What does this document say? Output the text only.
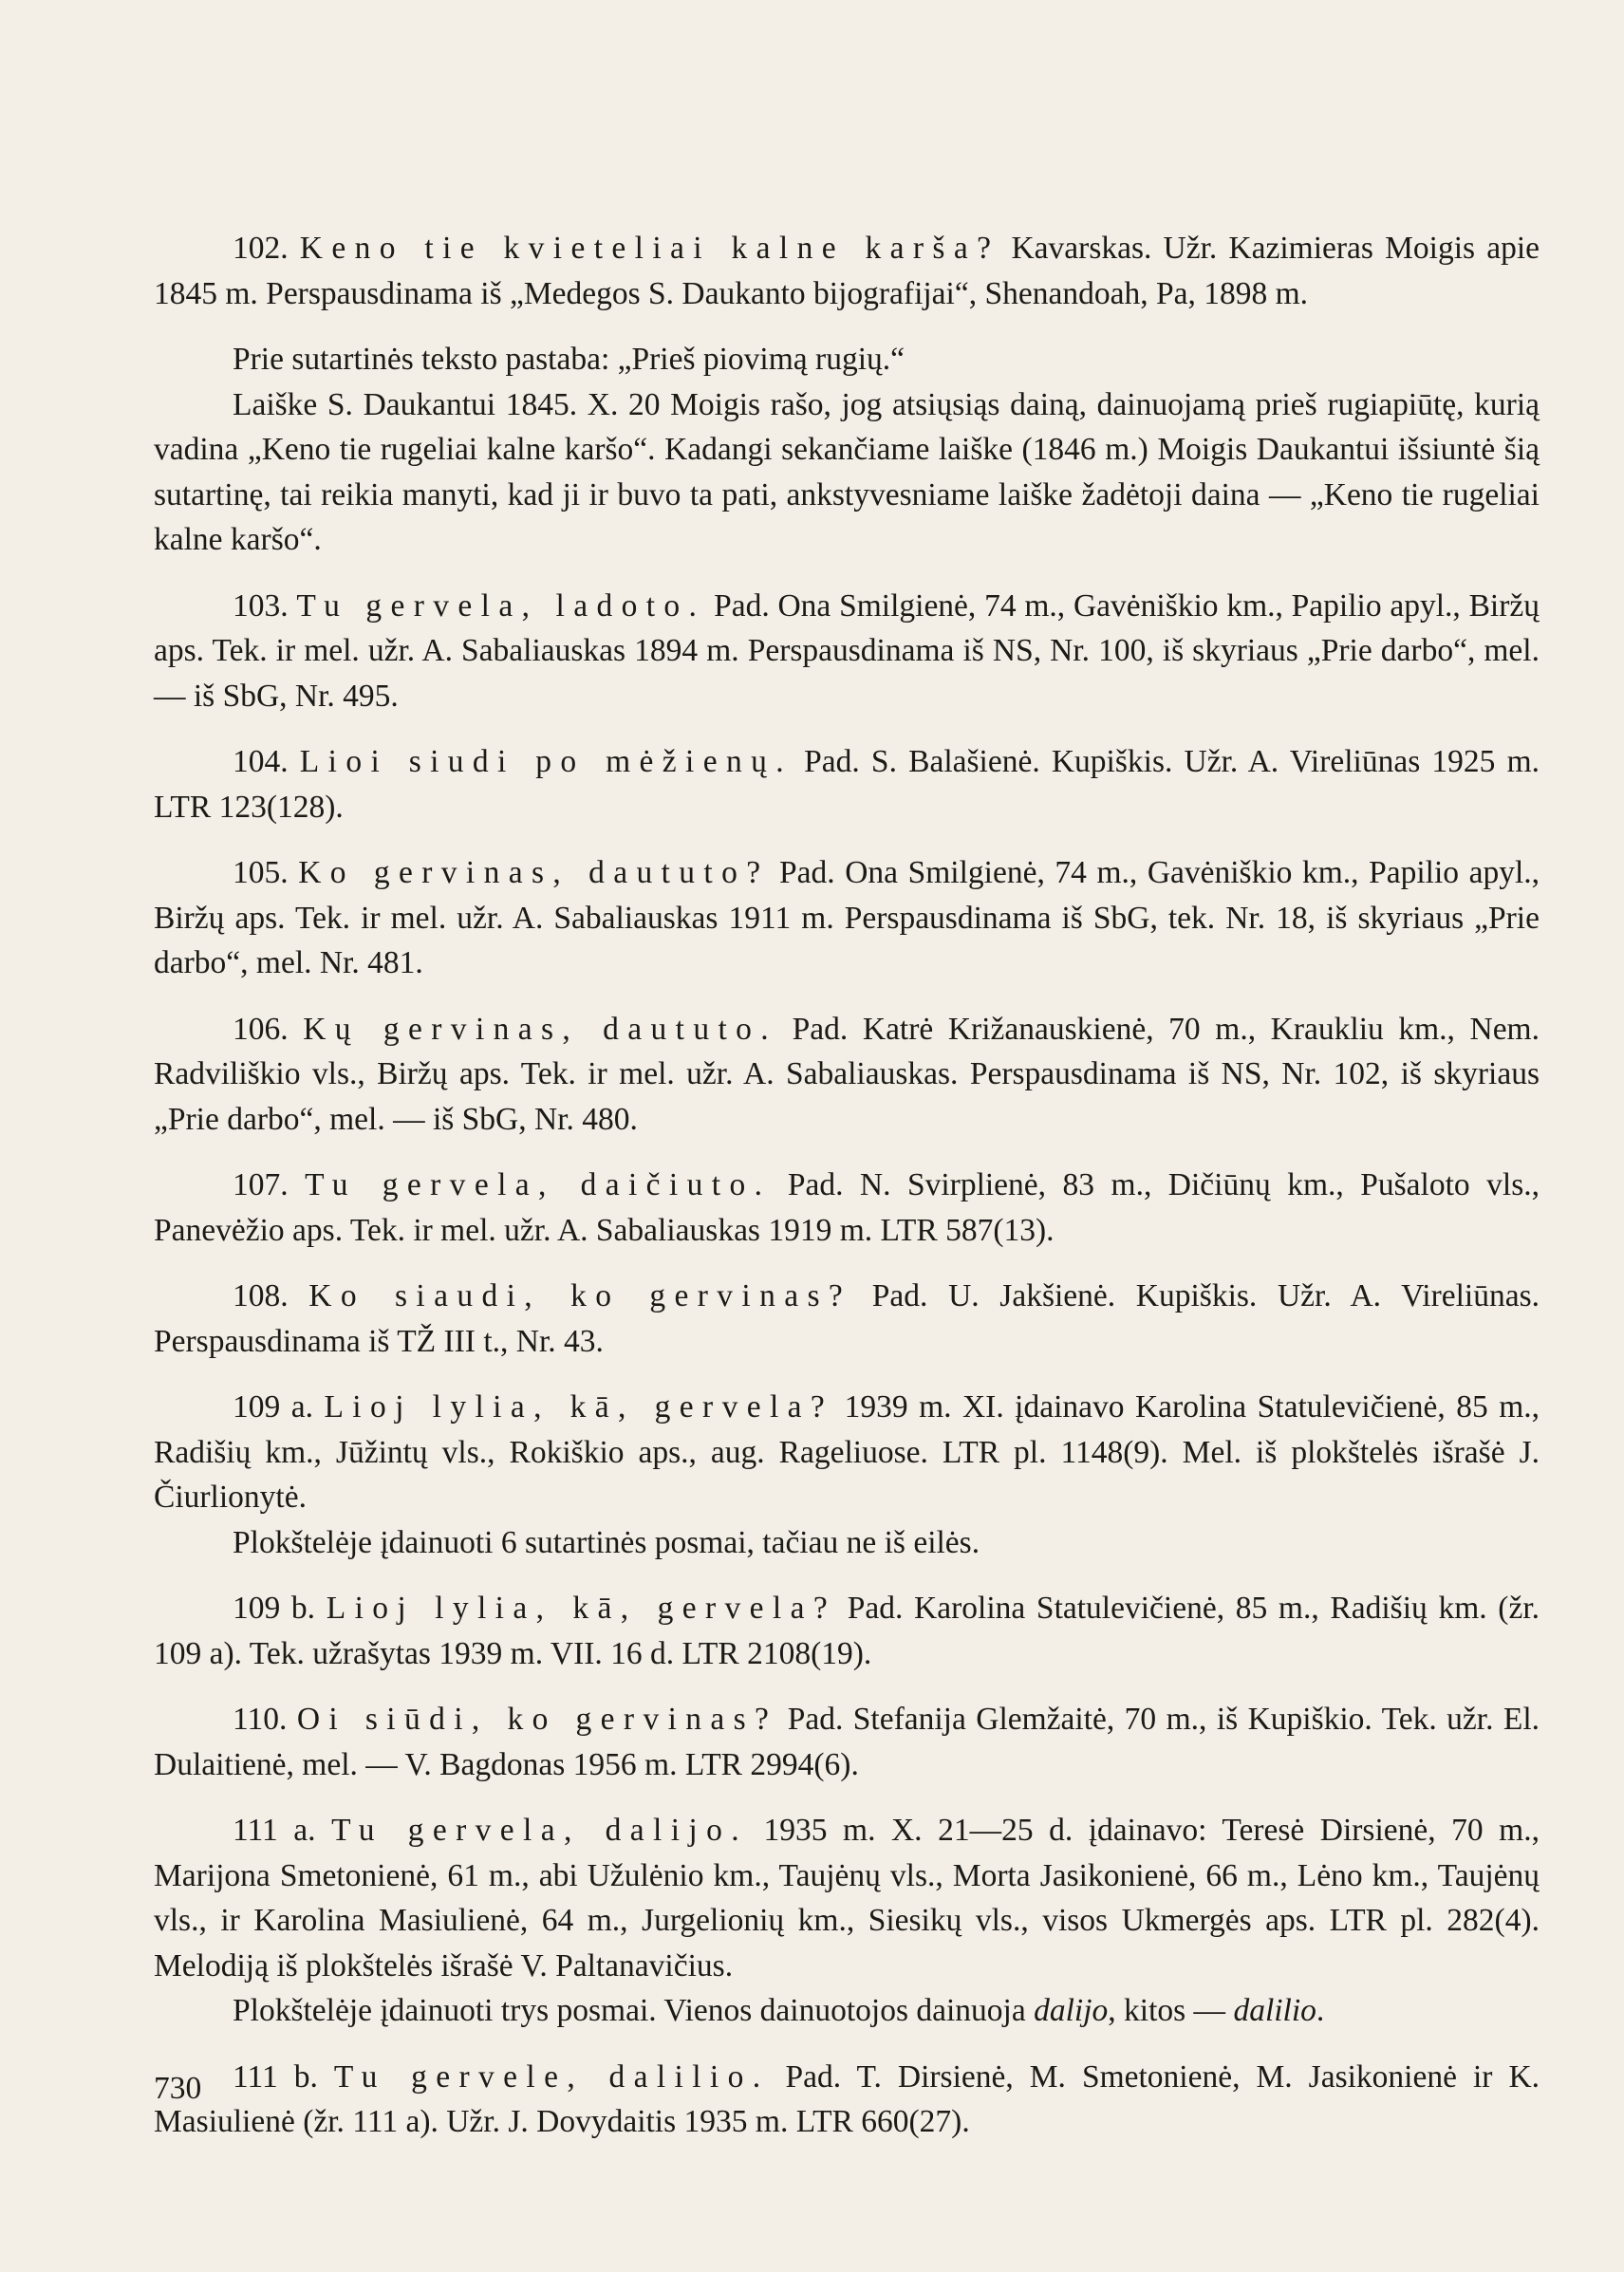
102. Keno tie kvieteliai kalne karša? Kavarskas. Užr. Kazimieras Moigis apie 1845 m. Perspausdinama iš „Medegos S. Daukanto bijografijai“, Shenandoah, Pa, 1898 m.

Prie sutartinės teksto pastaba: „Prieš piovimą rugių.“

Laiške S. Daukantui 1845. X. 20 Moigis rašo, jog atsiųsiąs dainą, dainuojamą prieš rugiapiūtę, kurią vadina „Keno tie rugeliai kalne karšo“. Kadangi sekančiame laiške (1846 m.) Moigis Daukantui išsiuntė šią sutartinę, tai reikia manyti, kad ji ir buvo ta pati, ankstyvesniame laiške žadėtoji daina — „Keno tie rugeliai kalne karšo“.

103. Tu gervela, ladoto. Pad. Ona Smilgienė, 74 m., Gavėniškio km., Papilio apyl., Biržų aps. Tek. ir mel. užr. A. Sabaliauskas 1894 m. Perspausdinama iš NS, Nr. 100, iš skyriaus „Prie darbo“, mel. — iš SbG, Nr. 495.

104. Lioi siudi po mėžienų. Pad. S. Balašienė. Kupiškis. Užr. A. Vireliūnas 1925 m. LTR 123(128).

105. Ko gervinas, daututo? Pad. Ona Smilgienė, 74 m., Gavėniškio km., Papilio apyl., Biržų aps. Tek. ir mel. užr. A. Sabaliauskas 1911 m. Perspausdinama iš SbG, tek. Nr. 18, iš skyriaus „Prie darbo“, mel. Nr. 481.

106. Kų gervinas, daututo. Pad. Katrė Križanauskienė, 70 m., Kraukliu km., Nem. Radviliškio vls., Biržų aps. Tek. ir mel. užr. A. Sabaliauskas. Perspausdinama iš NS, Nr. 102, iš skyriaus „Prie darbo“, mel. — iš SbG, Nr. 480.

107. Tu gervela, daičiuto. Pad. N. Svirplienė, 83 m., Dičiūnų km., Pušaloto vls., Panevėžio aps. Tek. ir mel. užr. A. Sabaliauskas 1919 m. LTR 587(13).

108. Ko siaudi, ko gervinas? Pad. U. Jakšienė. Kupiškis. Užr. A. Vireliūnas. Perspausdinama iš TŽ III t., Nr. 43.

109 a. Lioj lylia, kā, gervela? 1939 m. XI. įdainavo Karolina Statulevičienė, 85 m., Radišių km., Jūžintų vls., Rokiškio aps., aug. Rageliuose. LTR pl. 1148(9). Mel. iš plokštelės išrašė J. Čiurlionytė.

Plokštelėje įdainuoti 6 sutartinės posmai, tačiau ne iš eilės.

109 b. Lioj lylia, kā, gervela? Pad. Karolina Statulevičienė, 85 m., Radišių km. (žr. 109 a). Tek. užrašytas 1939 m. VII. 16 d. LTR 2108(19).

110. Oi siūdi, ko gervinas? Pad. Stefanija Glemžaitė, 70 m., iš Kupiškio. Tek. užr. El. Dulaitienė, mel. — V. Bagdonas 1956 m. LTR 2994(6).

111 a. Tu gervela, dalijo. 1935 m. X. 21—25 d. įdainavo: Teresė Dirsienė, 70 m., Marijona Smetonienė, 61 m., abi Užulėnio km., Taujėnų vls., Morta Jasikonienė, 66 m., Lėno km., Taujėnų vls., ir Karolina Masiulienė, 64 m., Jurgelionių km., Siesikų vls., visos Ukmergės aps. LTR pl. 282(4). Melodiją iš plokštelės išrašė V. Paltanavičius.

Plokštelėje įdainuoti trys posmai. Vienos dainuotojos dainuoja dalijo, kitos — dalilio.

111 b. Tu gervele, dalilio. Pad. T. Dirsienė, M. Smetonienė, M. Jasikonienė ir K. Masiulienė (žr. 111 a). Užr. J. Dovydaitis 1935 m. LTR 660(27).

730
